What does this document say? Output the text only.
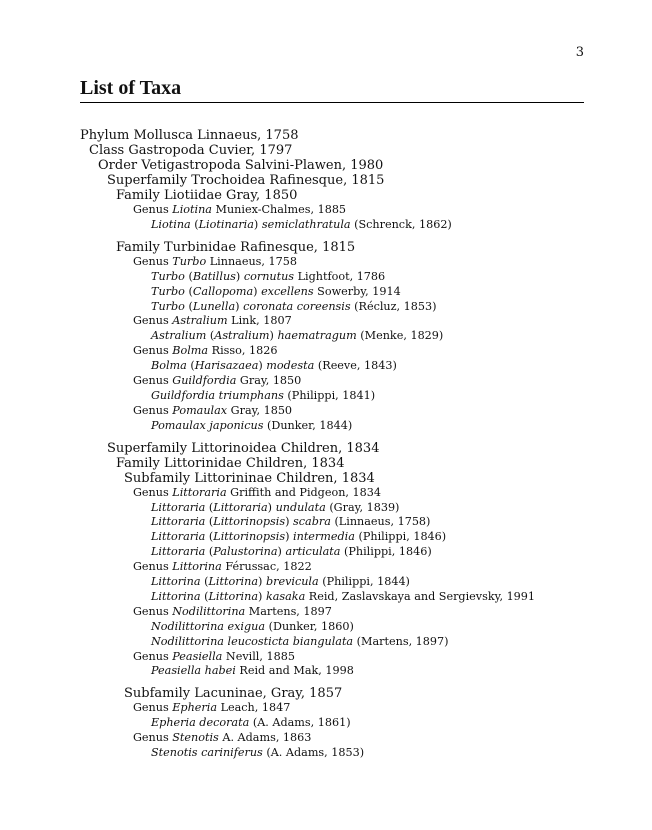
3
List of Taxa
Phylum Mollusca Linnaeus, 1758
Class Gastropoda Cuvier, 1797
Order Vetigastropoda Salvini-Plawen, 1980
Superfamily Trochoidea Rafinesque, 1815
Family Liotiidae Gray, 1850
Genus Liotina Muniex-Chalmes, 1885
Liotina (Liotinaria) semiclathratula (Schrenck, 1862)
Family Turbinidae Rafinesque, 1815
Genus Turbo Linnaeus, 1758
Turbo (Batillus) cornutus Lightfoot, 1786
Turbo (Callopoma) excellens Sowerby, 1914
Turbo (Lunella) coronata coreensis (Récluz, 1853)
Genus Astralium Link, 1807
Astralium (Astralium) haematragum (Menke, 1829)
Genus Bolma Risso, 1826
Bolma (Harisazaea) modesta (Reeve, 1843)
Genus Guildfordia Gray, 1850
Guildfordia triumphans (Philippi, 1841)
Genus Pomaulax Gray, 1850
Pomaulax japonicus (Dunker, 1844)
Superfamily Littorinoidea Children, 1834
Family Littorinidae Children, 1834
Subfamily Littorininae Children, 1834
Genus Littoraria Griffith and Pidgeon, 1834
Littoraria (Littoraria) undulata (Gray, 1839)
Littoraria (Littorinopsis) scabra (Linnaeus, 1758)
Littoraria (Littorinopsis) intermedia (Philippi, 1846)
Littoraria (Palustorina) articulata (Philippi, 1846)
Genus Littorina Férussac, 1822
Littorina (Littorina) brevicula (Philippi, 1844)
Littorina (Littorina) kasaka Reid, Zaslavskaya and Sergievsky, 1991
Genus Nodilittorina Martens, 1897
Nodilittorina exigua (Dunker, 1860)
Nodilittorina leucosticta biangulata (Martens, 1897)
Genus Peasiella Nevill, 1885
Peasiella habei Reid and Mak, 1998
Subfamily Lacuninae, Gray, 1857
Genus Epheria Leach, 1847
Epheria decorata (A. Adams, 1861)
Genus Stenotis A. Adams, 1863
Stenotis cariniferus (A. Adams, 1853)
